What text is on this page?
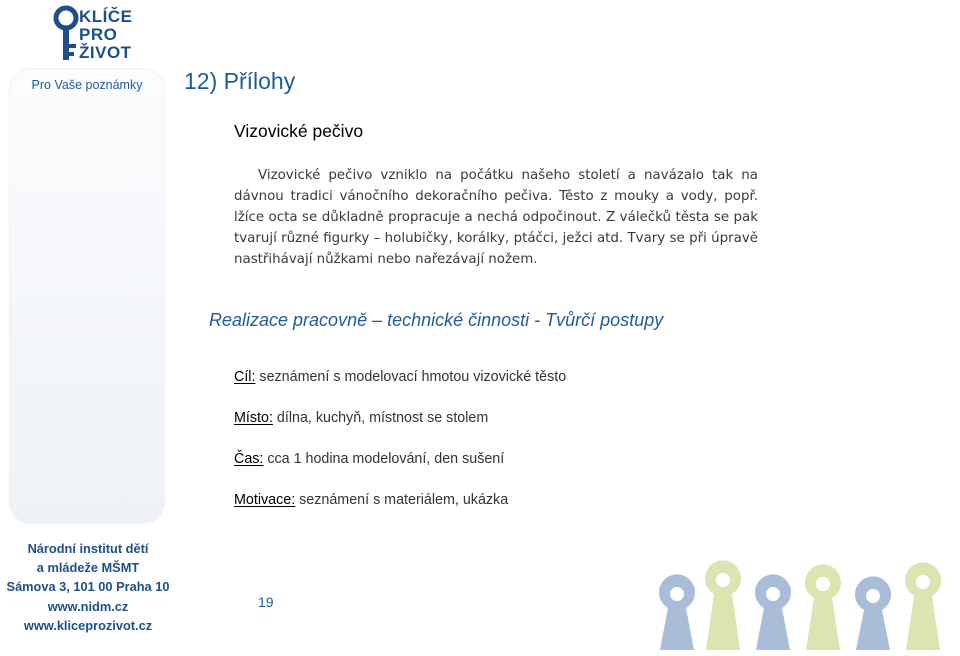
KLÍČE
PRO
ŽIVOT
Pro Vaše poznámky	12) Přílohy
Vizovické pečivo
Vizovické pečivo vzniklo na počátku našeho století a navázalo tak na dávnou tradici vánočního dekoračního pečiva. Těsto z mouky a vody, popř. lžíce octa se důkladně propracuje a nechá odpočinout. Z válečků těsta se pak tvarují různé figurky – holubičky, korálky, ptáčci, ježci atd. Tvary se při úpravě nastřihávají nůžkami nebo nařezávají nožem.
Realizace pracovně – technické činnosti - Tvůrčí postupy
Cíl: seznámení s modelovací hmotou vizovické těsto
Místo: dílna, kuchyň, místnost se stolem
Čas: cca 1 hodina modelování, den sušení
Motivace: seznámení s materiálem, ukázka
Národní institut dětí
a mládeže MŠMT
Sámova 3, 101 00 Praha 10
www.nidm.cz
www.kliceprozivot.cz
19
